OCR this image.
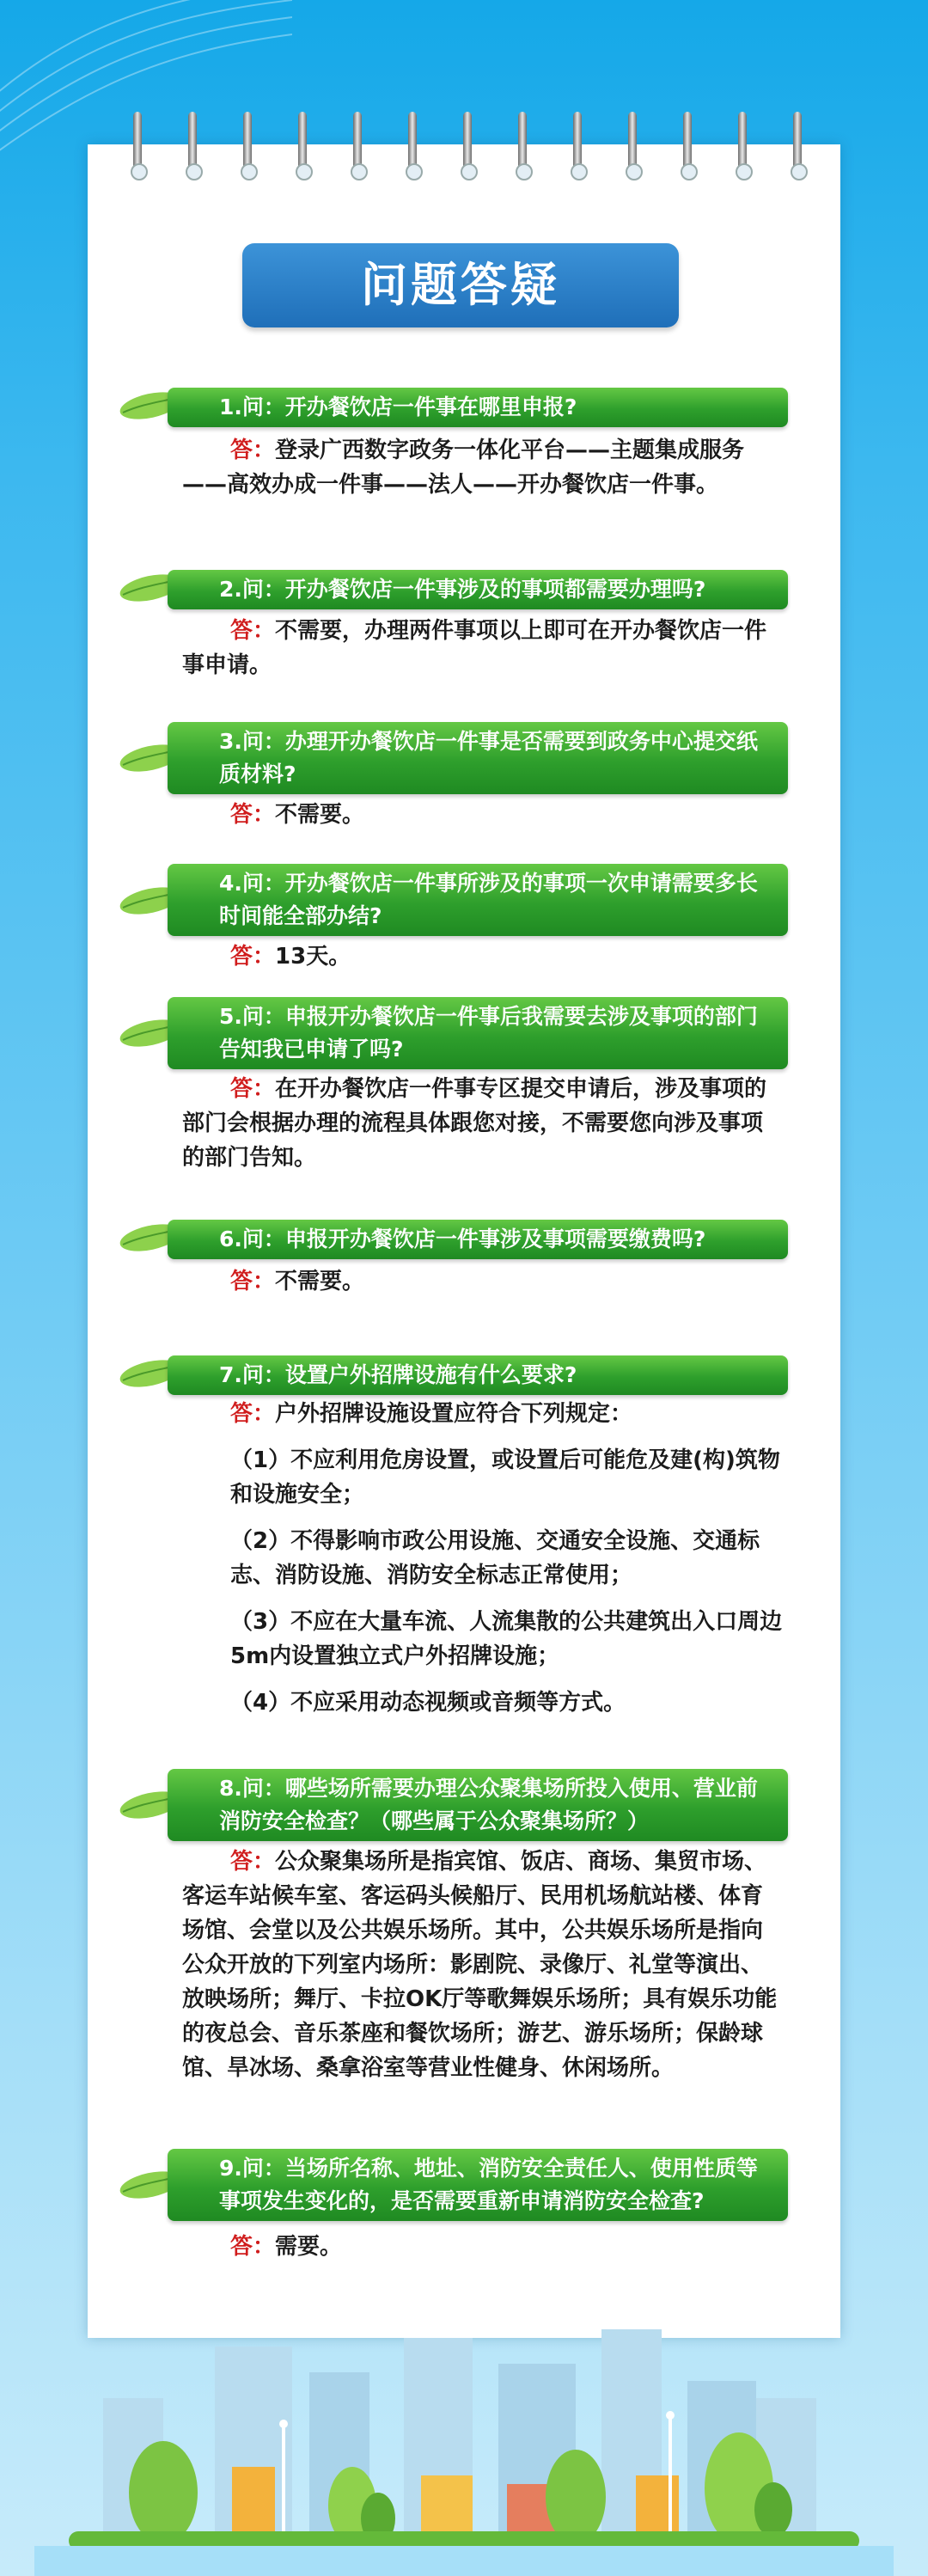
问题答疑
1.问：开办餐饮店一件事在哪里申报?

答：登录广西数字政务一体化平台——主题集成服务——高效办成一件事——法人——开办餐饮店一件事。

2.问：开办餐饮店一件事涉及的事项都需要办理吗?

答：不需要，办理两件事项以上即可在开办餐饮店一件事申请。

3.问：办理开办餐饮店一件事是否需要到政务中心提交纸质材料?

答：不需要。

4.问：开办餐饮店一件事所涉及的事项一次申请需要多长时间能全部办结?

答：13天。

5.问：申报开办餐饮店一件事后我需要去涉及事项的部门告知我已申请了吗?

答：在开办餐饮店一件事专区提交申请后，涉及事项的部门会根据办理的流程具体跟您对接，不需要您向涉及事项的部门告知。

6.问：申报开办餐饮店一件事涉及事项需要缴费吗?

答：不需要。

7.问：设置户外招牌设施有什么要求?

答：户外招牌设施设置应符合下列规定：

（1）不应利用危房设置，或设置后可能危及建(构)筑物和设施安全；

（2）不得影响市政公用设施、交通安全设施、交通标志、消防设施、消防安全标志正常使用；

（3）不应在大量车流、人流集散的公共建筑出入口周边5m内设置独立式户外招牌设施；

（4）不应采用动态视频或音频等方式。

8.问：哪些场所需要办理公众聚集场所投入使用、营业前消防安全检查？（哪些属于公众聚集场所？）

答：公众聚集场所是指宾馆、饭店、商场、集贸市场、客运车站候车室、客运码头候船厅、民用机场航站楼、体育场馆、会堂以及公共娱乐场所。其中，公共娱乐场所是指向公众开放的下列室内场所：影剧院、录像厅、礼堂等演出、放映场所；舞厅、卡拉OK厅等歌舞娱乐场所；具有娱乐功能的夜总会、音乐茶座和餐饮场所；游艺、游乐场所；保龄球馆、旱冰场、桑拿浴室等营业性健身、休闲场所。

9.问：当场所名称、地址、消防安全责任人、使用性质等事项发生变化的，是否需要重新申请消防安全检查?

答：需要。
